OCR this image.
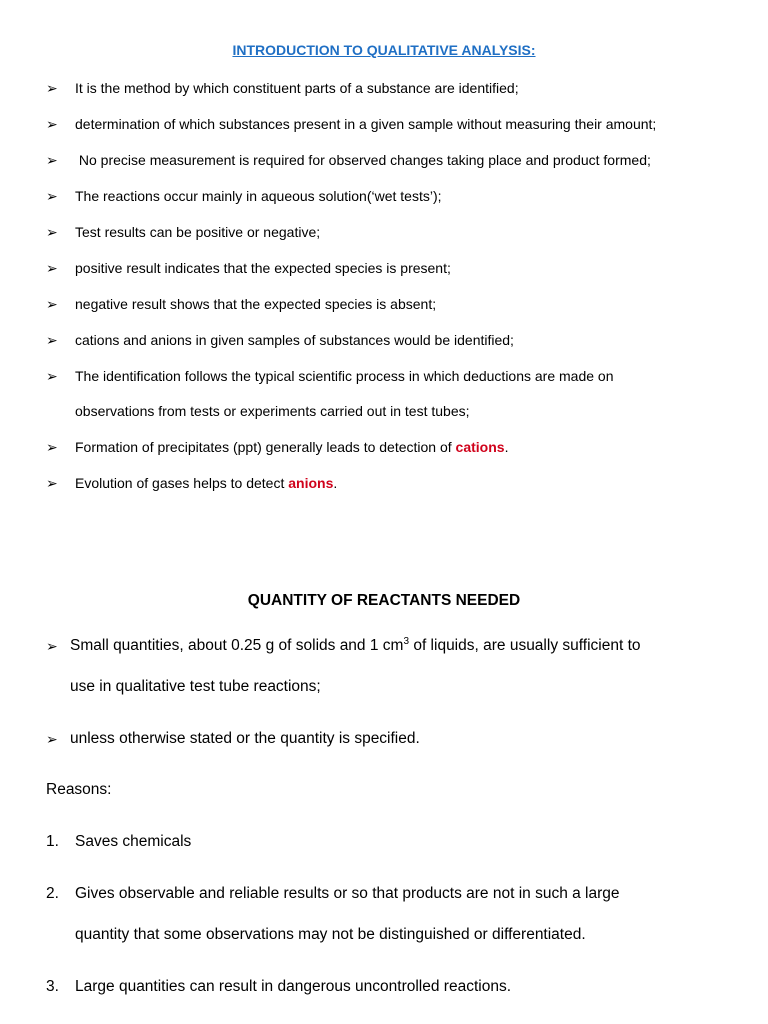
INTRODUCTION TO QUALITATIVE ANALYSIS:
➢	It is the method by which constituent parts of a substance are identified;
➢	determination of which substances present in a given sample without measuring their amount;
➢	No precise measurement is required for observed changes taking place and product formed;
➢	The reactions occur mainly in aqueous solution(‘wet tests’);
➢	Test results can be positive or negative;
➢	positive result indicates that the expected species is present;
➢	negative result shows that the expected species is absent;
➢	cations and anions in given samples of substances would be identified;
➢	The identification follows the typical scientific process in which deductions are made on
observations from tests or experiments carried out in test tubes;
➢	Formation of precipitates (ppt) generally leads to detection of cations.
➢	Evolution of gases helps to detect anions.
QUANTITY OF REACTANTS NEEDED
➢ Small quantities, about 0.25 g of solids and 1 $cm^3$ of liquids, are usually sufficient to
use in qualitative test tube reactions;
➢ unless otherwise stated or the quantity is specified.
Reasons:
1. Saves chemicals
2. Gives observable and reliable results or so that products are not in such a large
quantity that some observations may not be distinguished or differentiated.
3. Large quantities can result in dangerous uncontrolled reactions.
